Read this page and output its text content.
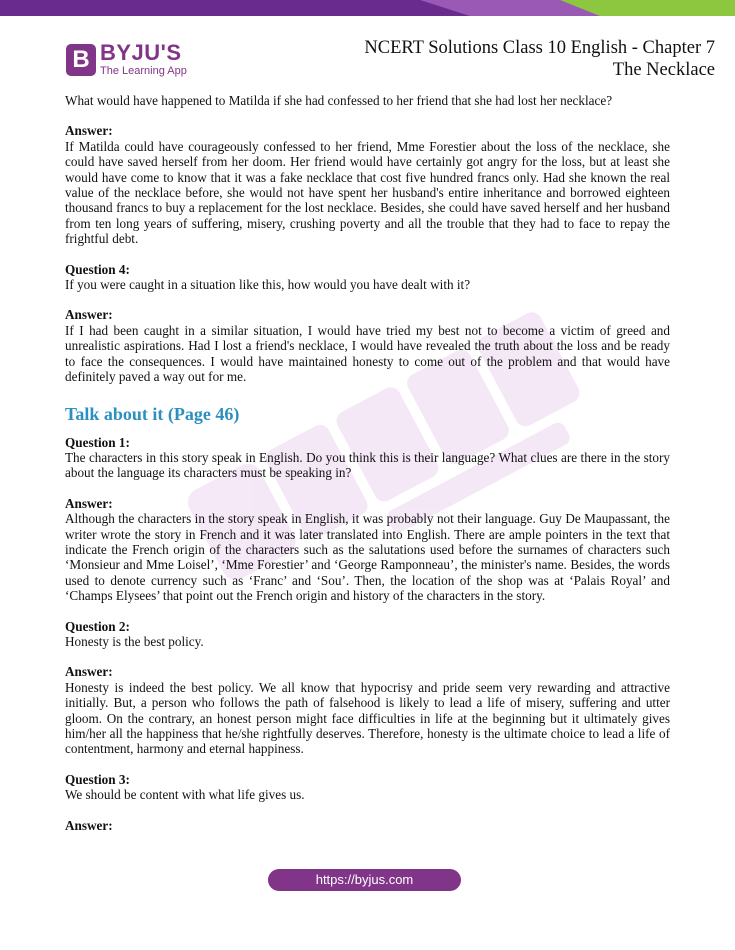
B BYJU'S
The Learning App
NCERT Solutions Class 10 English - Chapter 7
The Necklace

What would have happened to Matilda if she had confessed to her friend that she had lost her necklace?

Answer:

If Matilda could have courageously confessed to her friend, Mme Forestier about the loss of the necklace, she could have saved herself from her doom. Her friend would have certainly got angry for the loss, but at least she would have come to know that it was a fake necklace that cost five hundred francs only. Had she known the real value of the necklace before, she would not have spent her husband's entire inheritance and borrowed eighteen thousand francs to buy a replacement for the lost necklace. Besides, she could have saved herself and her husband from ten long years of suffering, misery, crushing poverty and all the trouble that they had to face to repay the frightful debt.

Question 4:

If you were caught in a situation like this, how would you have dealt with it?

Answer:

If I had been caught in a similar situation, I would have tried my best not to become a victim of greed and unrealistic aspirations. Had I lost a friend's necklace, I would have revealed the truth about the loss and be ready to face the consequences. I would have maintained honesty to come out of the problem and that would have definitely paved a way out for me.

Talk about it (Page 46)

Question 1:

The characters in this story speak in English. Do you think this is their language? What clues are there in the story about the language its characters must be speaking in?

Answer:

Although the characters in the story speak in English, it was probably not their language. Guy De Maupassant, the writer wrote the story in French and it was later translated into English. There are ample pointers in the text that indicate the French origin of the characters such as the salutations used before the surnames of characters such ‘Monsieur and Mme Loisel’, ‘Mme Forestier’ and ‘George Ramponneau’, the minister's name. Besides, the words used to denote currency such as ‘Franc’ and ‘Sou’. Then, the location of the shop was at ‘Palais Royal’ and ‘Champs Elysees’ that point out the French origin and history of the characters in the story.

Question 2:

Honesty is the best policy.

Answer:

Honesty is indeed the best policy. We all know that hypocrisy and pride seem very rewarding and attractive initially. But, a person who follows the path of falsehood is likely to lead a life of misery, suffering and utter gloom. On the contrary, an honest person might face difficulties in life at the beginning but it ultimately gives him/her all the happiness that he/she rightfully deserves. Therefore, honesty is the ultimate choice to lead a life of contentment, harmony and eternal happiness.

Question 3:

We should be content with what life gives us.

Answer:

https://byjus.com
